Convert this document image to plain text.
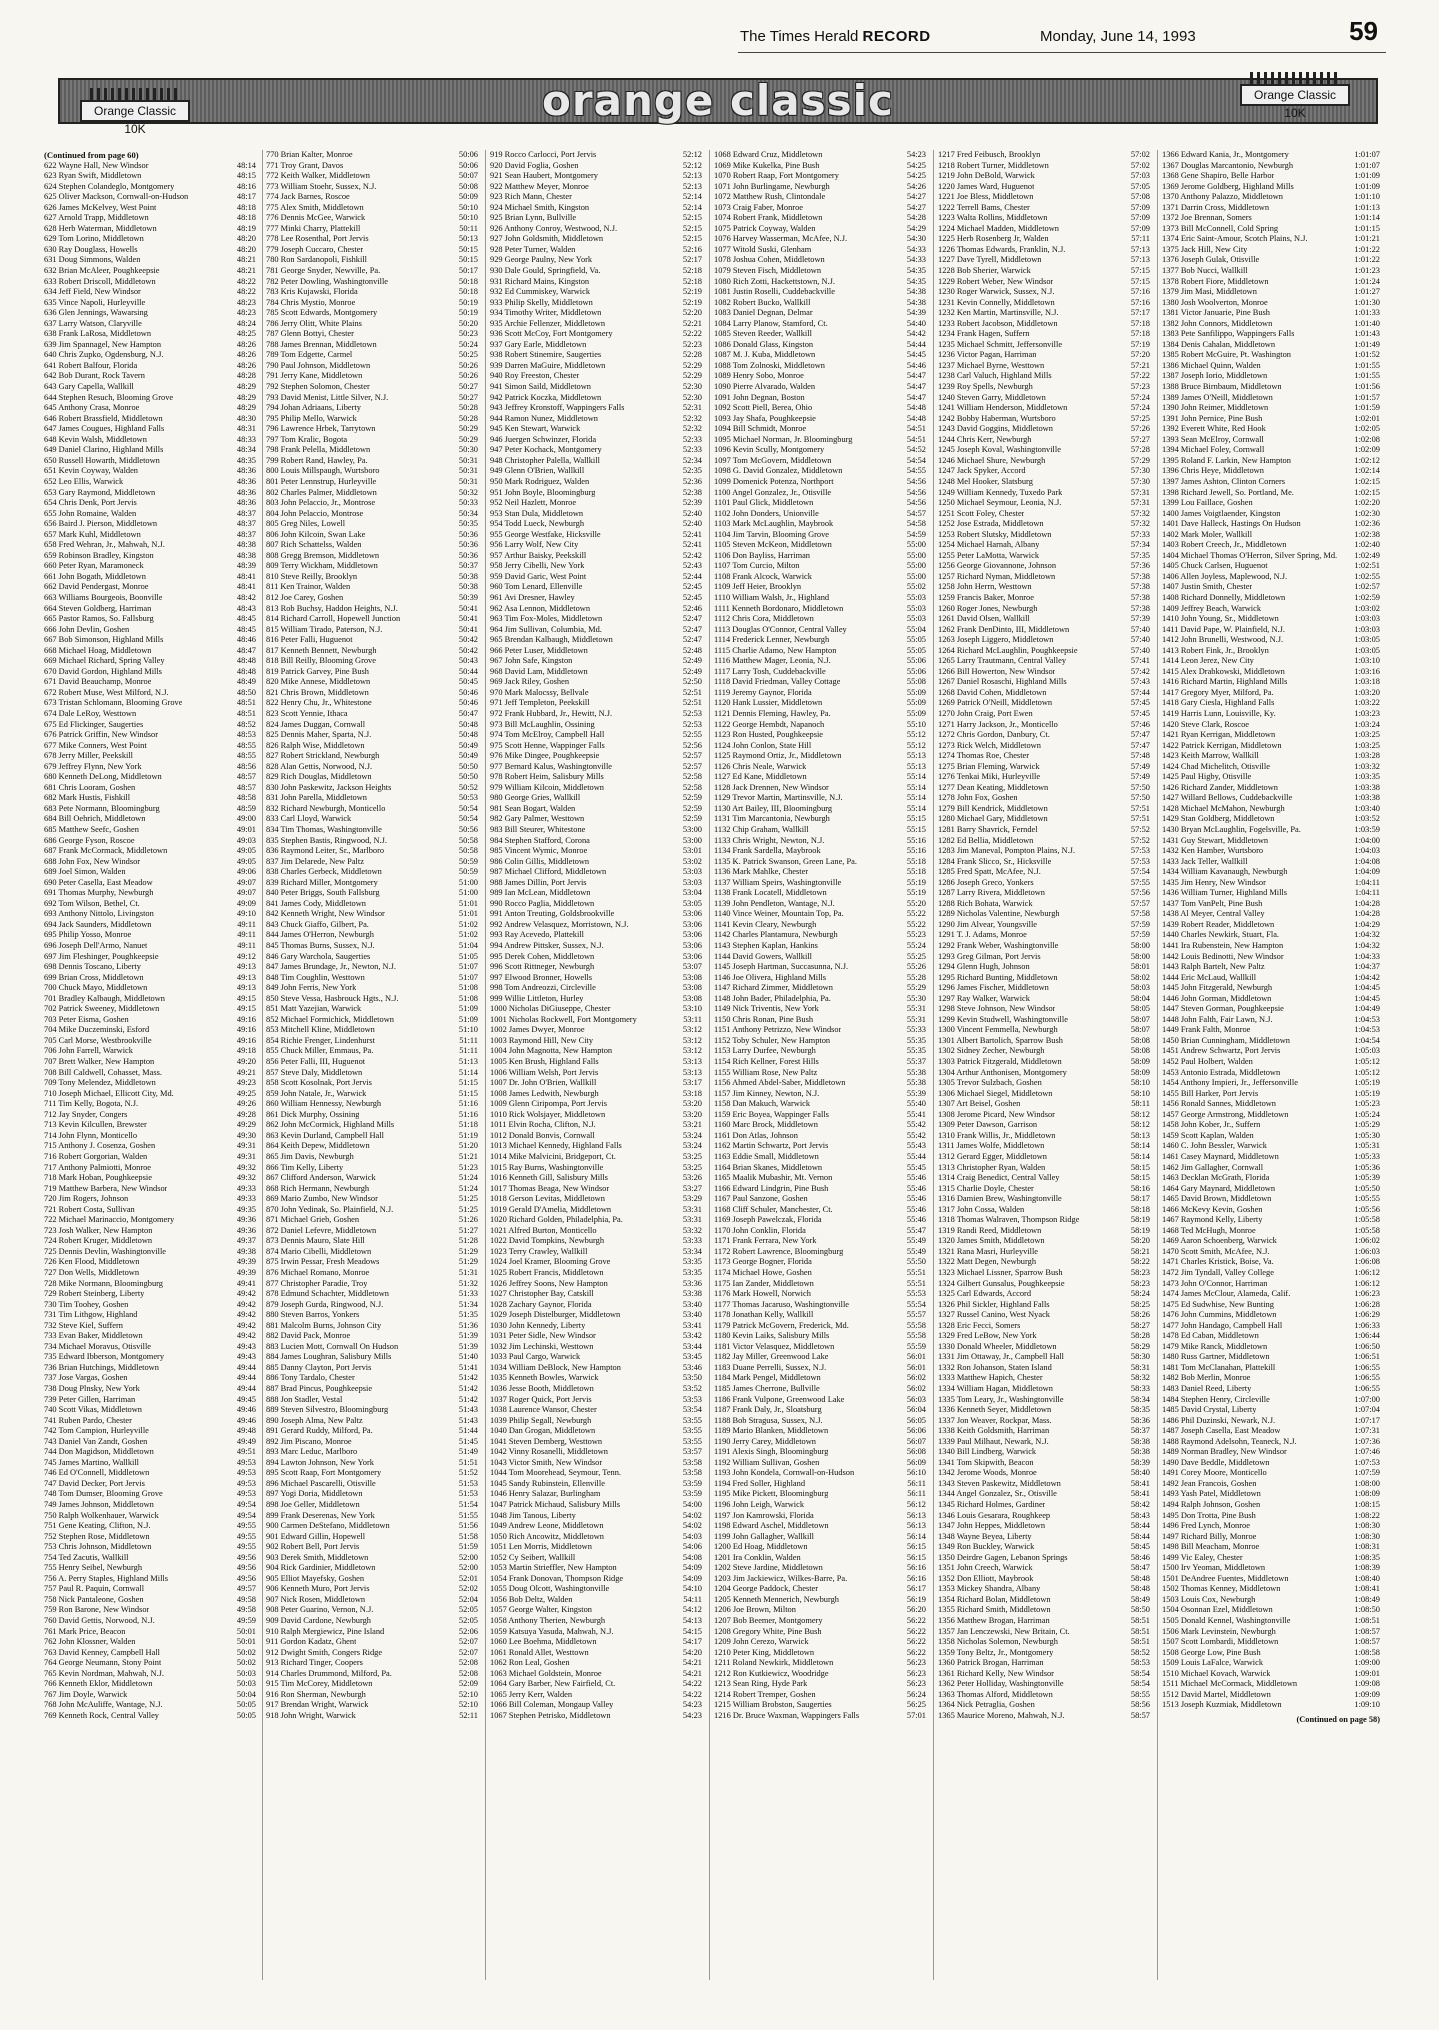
The Times Herald RECORD	Monday, June 14, 1993	59
Orange Classic 10K
orange classic	Orange Classic 10K
(Continued from page 60)
622 Wayne Hall, New Windsor	48:14
623 Ryan Swift, Middletown	48:15
624 Stephen Colandeglo, Montgomery	48:16
625 Oliver Mackson, Cornwall-on-Hudson	48:17
626 James McKelvey, West Point	48:18
627 Arnold Trapp, Middletown	48:18
628 Herb Waterman, Middletown	48:19
629 Tom Lorino, Middletown	48:20
630 Ray Douglass, Howells	48:20
631 Doug Simmons, Walden	48:21
632 Brian McAleer, Poughkeepsie	48:21
633 Robert Driscoll, Middletown	48:22
634 Jeff Field, New Windsor	48:22
635 Vince Napoli, Hurleyville	48:23
636 Glen Jennings, Wawarsing	48:23
637 Larry Watson, Claryville	48:24
638 Frank LaRosa, Middletown	48:25
639 Jim Spannagel, New Hampton	48:26
640 Chris Zupko, Ogdensburg, N.J.	48:26
641 Robert Balfour, Florida	48:26
642 Bob Durant, Rock Tavern	48:28
643 Gary Capella, Wallkill	48:29
644 Stephen Resuch, Blooming Grove	48:29
645 Anthony Crasa, Monroe	48:29
646 Robert Brassfield, Middletown	48:30
647 James Cougues, Highland Falls	48:31
648 Kevin Walsh, Middletown	48:33
649 Daniel Clarino, Highland Mills	48:34
650 Russell Howarth, Middletown	48:35
651 Kevin Coyway, Walden	48:36
652 Leo Ellis, Warwick	48:36
653 Gary Raymond, Middletown	48:36
654 Chris Denk, Port Jervis	48:36
655 John Romaine, Walden	48:37
656 Baird J. Pierson, Middletown	48:37
657 Mark Kuhl, Middletown	48:37
658 Fred Wehran, Jr., Mahwah, N.J.	48:38
659 Robinson Bradley, Kingston	48:38
660 Peter Ryan, Maramoneck	48:39
661 John Bogath, Middletown	48:41
662 David Pendergast, Monroe	48:41
663 Williams Bourgeois, Boonville	48:42
664 Steven Goldberg, Harriman	48:43
665 Pastor Ramos, So. Fallsburg	48:45
666 John Devlin, Goshen	48:45
667 Bob Simonson, Highland Mills	48:46
668 Michael Hoag, Middletown	48:47
669 Michael Richard, Spring Valley	48:48
670 David Gordon, Highland Mills	48:48
671 David Beauchamp, Monroe	48:49
672 Robert Muse, West Milford, N.J.	48:50
673 Tristan Schlomann, Blooming Grove	48:51
674 Dale LeRoy, Westtown	48:51
675 Ed Flickinger, Saugerties	48:52
676 Patrick Griffin, New Windsor	48:53
677 Mike Conners, West Point	48:55
678 Jerry Miller, Peekskill	48:55
679 Jeffrey Flynn, New York	48:56
680 Kenneth DeLong, Middletown	48:57
681 Chris Looram, Goshen	48:57
682 Mark Hustis, Fishkill	48:58
683 Pete Normann, Bloomingburg	48:59
684 Bill Oehrich, Middletown	49:00
685 Matthew Seefc, Goshen	49:01
686 George Fyson, Roscoe	49:03
687 Frank McCormack, Middletown	49:05
688 John Fox, New Windsor	49:05
689 Joel Simon, Walden	49:06
690 Peter Casella, East Meadow	49:07
691 Thomas Murphy, Newburgh	49:07
692 Tom Wilson, Bethel, Ct.	49:09
693 Anthony Nittolo, Livingston	49:10
694 Jack Saunders, Middletown	49:11
695 Philip Yosso, Monroe	49:11
696 Joseph Dell'Armo, Nanuet	49:11
697 Jim Fleshinger, Poughkeepsie	49:12
698 Dennis Toscano, Liberty	49:13
699 Brian Cross, Middletown	49:13
700 Chuck Mayo, Middletown	49:13
701 Bradley Kalbaugh, Middletown	49:15
702 Patrick Sweeney, Middletown	49:15
703 Peter Eisma, Goshen	49:16
704 Mike Duczeminski, Esford	49:16
705 Carl Morse, Westbrookville	49:16
706 John Farrell, Warwick	49:18
707 Brett Walker, New Hampton	49:20
708 Bill Caldwell, Cohasset, Mass.	49:21
709 Tony Melendez, Middletown	49:23
710 Joseph Michael, Ellicott City, Md.	49:25
711 Tim Kelly, Bogota, N.J.	49:26
712 Jay Snyder, Congers	49:28
713 Kevin Kilcullen, Brewster	49:29
714 John Flynn, Monticello	49:30
715 Anthony J. Cosenza, Goshen	49:31
716 Robert Gorgorian, Walden	49:31
717 Anthony Palmiotti, Monroe	49:32
718 Mark Hoban, Poughkeepsie	49:32
719 Matthew Barbera, New Windsor	49:33
720 Jim Rogers, Johnson	49:33
721 Robert Costa, Sullivan	49:35
722 Michael Marinaccio, Montgomery	49:36
723 Josh Walker, New Hampton	49:36
724 Robert Kruger, Middletown	49:37
725 Dennis Devlin, Washingtonville	49:38
726 Ken Flood, Middletown	49:39
727 Don Wells, Middletown	49:39
728 Mike Normann, Bloomingburg	49:41
729 Robert Steinberg, Liberty	49:42
730 Tim Toohey, Goshen	49:42
731 Tim Lithgow, Highland	49:42
732 Steve Kiel, Suffern	49:42
733 Evan Baker, Middletown	49:42
734 Michael Moravus, Otisville	49:43
735 Edward Ibberson, Montgomery	49:43
736 Brian Hutchings, Middletown	49:44
737 Jose Vargas, Goshen	49:44
738 Doug Plnsky, New York	49:44
739 Peter Gillen, Harriman	49:45
740 Scott Vikas, Middletown	49:46
741 Ruben Pardo, Chester	49:46
742 Tom Campion, Hurleyville	49:48
743 Daniel Van Zandt, Goshen	49:49
744 Don Magidson, Middletown	49:51
745 James Martino, Wallkill	49:53
746 Ed O'Connell, Middletown	49:53
747 David Decker, Port Jervis	49:53
748 Tom Dumser, Blooming Grove	49:53
749 James Johnson, Middletown	49:54
750 Ralph Wolkenhauer, Warwick	49:54
751 Gene Keating, Clifton, N.J.	49:55
752 Stephen Rose, Middletown	49:55
753 Chris Johnson, Middletown	49:55
754 Ted Zacutis, Wallkill	49:56
755 Henry Seibel, Newburgh	49:56
756 A. Perry Staples, Highland Mills	49:56
757 Paul R. Paquin, Cornwall	49:57
758 Nick Pantaleone, Goshen	49:58
759 Ron Barone, New Windsor	49:58
760 David Gettis, Norwood, N.J.	49:59
761 Mark Price, Beacon	50:01
762 John Klossner, Walden	50:01
763 David Kenney, Campbell Hall	50:02
764 George Neumann, Stony Point	50:02
765 Kevin Nordman, Mahwah, N.J.	50:03
766 Kenneth Eklor, Middletown	50:03
767 Jim Doyle, Warwick	50:04
768 John McAuliffe, Wantage, N.J.	50:05
769 Kenneth Rock, Central Valley	50:05
770 Brian Kalter, Monroe	50:06
771 Troy Grant, Davos	50:06
772 Keith Walker, Middletown	50:07
773 William Stoehr, Sussex, N.J.	50:08
774 Jack Barnes, Roscoe	50:09
775 Alex Smith, Middletown	50:10
776 Dennis McGee, Warwick	50:10
777 Minki Charry, Plattekill	50:11
778 Lee Rosenthal, Port Jervis	50:13
779 Joseph Cuccaro, Chester	50:15
780 Ron Sardanopoli, Fishkill	50:15
781 George Snyder, Newville, Pa.	50:17
782 Peter Dowling, Washingtonville	50:18
783 Kris Kujawski, Florida	50:18
784 Chris Mystio, Monroe	50:19
785 Scott Edwards, Montgomery	50:19
786 Jerry Olitt, White Plains	50:20
787 Glenn Bottyi, Chester	50:23
788 James Brennan, Middletown	50:24
789 Tom Edgette, Carmel	50:25
790 Paul Johnson, Middletown	50:26
791 Jerry Kane, Middletown	50:26
792 Stephen Solomon, Chester	50:27
793 David Menist, Little Silver, N.J.	50:27
794 Johan Adriaans, Liberty	50:28
795 Philip Mello, Warwick	50:28
796 Lawrence Hrbek, Tarrytown	50:29
797 Tom Kralic, Bogota	50:29
798 Frank Pelella, Middletown	50:30
799 Robert Rand, Hawley, Pa.	50:31
800 Louis Millspaugh, Wurtsboro	50:31
801 Peter Lennstrup, Hurleyville	50:31
802 Charles Palmer, Middletown	50:32
803 John Pelaccio, Jr., Montrose	50:33
804 John Pelaccio, Montrose	50:34
805 Greg Niles, Lowell	50:35
806 John Kilcoin, Swan Lake	50:36
807 Rich Schattelss, Walden	50:36
808 Gregg Bremson, Middletown	50:36
809 Terry Wickham, Middletown	50:37
810 Steve Reilly, Brooklyn	50:38
811 Ken Trainor, Walden	50:38
812 Joe Carey, Goshen	50:39
813 Rob Buchsy, Haddon Heights, N.J.	50:41
814 Richard Carroll, Hopewell Junction	50:41
815 William Tirado, Paterson, N.J.	50:41
816 Peter Falli, Huguenot	50:42
817 Kenneth Bennett, Newburgh	50:42
818 Bill Reilly, Blooming Grove	50:43
819 Patrick Garvey, Pine Bush	50:44
820 Mike Annese, Middletown	50:45
821 Chris Brown, Middletown	50:46
822 Henry Chu, Jr., Whitestone	50:46
823 Scott Yennie, Ithaca	50:47
824 James Duggan, Cornwall	50:48
825 Dennis Maher, Sparta, N.J.	50:48
826 Ralph Wise, Middletown	50:49
827 Robert Strickland, Newburgh	50:49
828 Alan Gettis, Norwood, N.J.	50:50
829 Rich Douglas, Middletown	50:50
830 John Paskewitz, Jackson Heights	50:52
831 John Parella, Middletown	50:53
832 Richard Newburgh, Monticello	50:54
833 Carl Lloyd, Warwick	50:54
834 Tim Thomas, Washingtonville	50:56
835 Stephen Bastis, Ringwood, N.J.	50:58
836 Raymond Leiter, Sr., Marlboro	50:58
837 Jim Delarede, New Paltz	50:59
838 Charles Gerbeck, Middletown	50:59
839 Richard Miller, Montgomery	51:00
840 Peter Briggs, South Fallsburg	51:00
841 James Cody, Middletown	51:01
842 Kenneth Wright, New Windsor	51:01
843 Chuck Giaffo, Gilbert, Pa.	51:02
844 James O'Herron, Newburgh	51:02
845 Thomas Burns, Sussex, N.J.	51:04
846 Gary Warchola, Saugerties	51:05
847 James Brundage, Jr., Newton, N.J.	51:07
848 Tim Coughlin, Westtown	51:07
849 John Ferris, New York	51:08
850 Steve Vessa, Hasbrouck Hgts., N.J.	51:08
851 Matt Yazejian, Warwick	51:09
852 Michael Formichick, Middletown	51:09
853 Mitchell Kline, Middletown	51:10
854 Richie Frenger, Lindenhurst	51:11
855 Chuck Miller, Emmaus, Pa.	51:11
856 Peter Falli, III, Huguenot	51:13
857 Steve Daly, Middletown	51:14
858 Scott Kosolnak, Port Jervis	51:15
859 John Natale, Jr., Warwick	51:15
860 William Hennessy, Newburgh	51:16
861 Dick Murphy, Ossining	51:16
862 John McCormick, Highland Mills	51:18
863 Kevin Durland, Campbell Hall	51:19
864 Keith Depew, Middletown	51:20
865 Jim Davis, Newburgh	51:21
866 Tim Kelly, Liberty	51:23
867 Clifford Anderson, Warwick	51:24
868 Rich Hermann, Newburgh	51:24
869 Mario Zumbo, New Windsor	51:25
870 John Yedinak, So. Plainfield, N.J.	51:25
871 Michael Grieb, Goshen	51:26
872 Daniel Lefevre, Middletown	51:27
873 Dennis Mauro, Slate Hill	51:28
874 Mario Cibelli, Middletown	51:29
875 Irwin Pessar, Fresh Meadows	51:29
876 Michael Romano, Monroe	51:31
877 Christopher Paradie, Troy	51:32
878 Edmund Schachter, Middletown	51:33
879 Joseph Gurda, Ringwood, N.J.	51:34
880 Steven Barros, Yonkers	51:35
881 Malcolm Burns, Johnson City	51:36
882 David Pack, Monroe	51:39
883 Lucien Mott, Cornwall On Hudson	51:39
884 James Loughran, Salisbury Mills	51:40
885 Danny Clayton, Port Jervis	51:41
886 Tony Tardalo, Chester	51:42
887 Brad Pincus, Poughkeepsie	51:42
888 Jon Stadler, Vestal	51:42
889 Steven Silvestro, Bloomingburg	51:43
890 Joseph Alma, New Paltz	51:43
891 Gerard Ruddy, Milford, Pa.	51:44
892 Jim Piscano, Monroe	51:45
893 Marc Leduc, Marlboro	51:49
894 Lawton Johnson, New York	51:51
895 Scott Raap, Fort Montgomery	51:52
896 Michael Pascarelli, Otisville	51:53
897 Yogi Doria, Middletown	51:53
898 Joe Geller, Middletown	51:54
899 Frank Deserenas, New York	51:55
900 Carmen DeStefano, Middletown	51:56
901 Edward Gillin, Hopewell	51:58
902 Robert Bell, Port Jervis	51:59
903 Derek Smith, Middletown	52:00
904 Rick Gardinier, Middletown	52:00
905 Elliot Mayefsky, Goshen	52:01
906 Kenneth Muro, Port Jervis	52:02
907 Nick Rosen, Middletown	52:04
908 Peter Guarino, Vernon, N.J.	52:05
909 David Cardone, Newburgh	52:05
910 Ralph Mergiewicz, Pine Island	52:06
911 Gordon Kadatz, Ghent	52:07
912 Dwight Smith, Congers Ridge	52:07
913 Richard Tinger, Coopers	52:08
914 Charles Drummond, Milford, Pa.	52:08
915 Tim McCorey, Middletown	52:09
916 Ron Sherman, Newburgh	52:10
917 Brendan Wright, Warwick	52:10
918 John Wright, Warwick	52:11
919 Rocco Carlocci, Port Jervis	52:12
920 David Foglia, Goshen	52:12
921 Sean Haubert, Montgomery	52:13
922 Matthew Meyer, Monroe	52:13
923 Rich Mann, Chester	52:14
924 Michael Smith, Kingston	52:14
925 Brian Lynn, Bullville	52:15
926 Anthony Conroy, Westwood, N.J.	52:15
927 John Goldsmith, Middletown	52:15
928 Peter Turner, Walden	52:16
929 George Paulny, New York	52:17
930 Dale Gould, Springfield, Va.	52:18
931 Richard Mains, Kingston	52:18
932 Ed Cummiskey, Warwick	52:19
933 Philip Skelly, Middletown	52:19
934 Timothy Writer, Middletown	52:20
935 Archie Fellenzer, Middletown	52:21
936 Scott McCoy, Fort Montgomery	52:22
937 Gary Earle, Middletown	52:23
938 Robert Stinemire, Saugerties	52:28
939 Darren MaGuire, Middletown	52:29
940 Roy Freeston, Chester	52:29
941 Simon Saild, Middletown	52:30
942 Patrick Koczka, Middletown	52:30
943 Jeffrey Kronstoff, Wappingers Falls	52:31
944 Ramon Nunez, Middletown	52:32
945 Ken Stewart, Warwick	52:32
946 Juergen Schwinzer, Florida	52:33
947 Peter Kochack, Montgomery	52:33
948 Christopher Palella, Wallkill	52:34
949 Glenn O'Brien, Wallkill	52:35
950 Mark Rodriguez, Walden	52:36
951 John Boyle, Bloomingburg	52:38
952 Neil Hazlett, Monroe	52:39
953 Stan Dula, Middletown	52:40
954 Todd Lueck, Newburgh	52:40
955 George Westfake, Hicksville	52:41
956 Larry Wolf, New City	52:41
957 Arthur Baisky, Peekskill	52:42
958 Jerry Cibelli, New York	52:43
959 David Garic, West Point	52:44
960 Tom Lenard, Ellenville	52:45
961 Avi Dresner, Hawley	52:45
962 Asa Lennon, Middletown	52:46
963 Tim Fox-Moles, Middletown	52:47
964 Jim Sullivan, Columbia, Md.	52:47
965 Brendan Kalbaugh, Middletown	52:47
966 Peter Luser, Middletown	52:48
967 John Safe, Kingston	52:49
968 David Lam, Middletown	52:49
969 Jack Riley, Goshen	52:50
970 Mark Malocssy, Bellvale	52:51
971 Jeff Templeton, Peekskill	52:51
972 Frank Hubbard, Jr., Hewitt, N.J.	52:53
973 Bill McLaughlin, Ossining	52:53
974 Tom McElroy, Campbell Hall	52:55
975 Scott Henne, Wappinger Falls	52:56
976 Mike Dingee, Poughkeepsie	52:57
977 Bernard Kalus, Washingtonville	52:57
978 Robert Heim, Salisbury Mills	52:58
979 William Kilcoin, Middletown	52:58
980 George Gries, Wallkill	52:59
981 Sean Bogart, Walden	52:59
982 Gary Palmer, Westtown	52:59
983 Bill Steurer, Whitestone	53:00
984 Stephen Stafford, Corona	53:00
985 Vincent Wymic, Monroe	53:01
986 Colin Gillis, Middletown	53:02
987 Michael Clifford, Middletown	53:03
988 James Dillin, Port Jervis	53:03
989 Ian McLean, Middletown	53:04
990 Rocco Paglia, Middletown	53:05
991 Anton Treuting, Goldsbrookville	53:06
992 Andrew Velasquez, Morristown, N.J.	53:06
993 Ray Acevedo, Plattekill	53:06
994 Andrew Pittsker, Sussex, N.J.	53:06
995 Derek Cohen, Middletown	53:06
996 Scott Rittneger, Newburgh	53:07
997 Elwood Bronner, Howells	53:08
998 Tom Andreozzi, Circleville	53:08
999 Willie Littleton, Hurley	53:08
1000 Nicholas DiGiuseppe, Chester	53:10
1001 Nicholas Rockwell, Fort Montgomery	53:11
1002 James Dwyer, Monroe	53:12
1003 Raymond Hill, New City	53:12
1004 John Magnotta, New Hampton	53:12
1005 Ken Brush, Highland Falls	53:13
1006 William Welsh, Port Jervis	53:13
1007 Dr. John O'Brien, Wallkill	53:17
1008 James Ledwith, Newburgh	53:18
1009 Glenn Ciripompa, Port Jervis	53:20
1010 Rick Wolsjayer, Middletown	53:20
1011 Elvin Rocha, Clifton, N.J.	53:21
1012 Donald Bonvis, Cornwall	53:24
1013 Michael Kennedy, Highland Falls	53:24
1014 Mike Malvicini, Bridgeport, Ct.	53:25
1015 Ray Burns, Washingtonville	53:25
1016 Kenneth Gill, Salisbury Mills	53:26
1017 Thomas Beaga, New Windsor	53:27
1018 Gerson Levitas, Middletown	53:29
1019 Gerald D'Amelia, Middletown	53:31
1020 Richard Golden, Philadelphia, Pa.	53:31
1021 Alfred Burton, Monticello	53:32
1022 David Tompkins, Newburgh	53:33
1023 Terry Crawley, Wallkill	53:34
1024 Joel Kramer, Blooming Grove	53:35
1025 Robert Francis, Middletown	53:35
1026 Jeffrey Soons, New Hampton	53:36
1027 Christopher Bay, Catskill	53:38
1028 Zachary Gaynor, Florida	53:40
1029 Joseph Distelburger, Middletown	53:40
1030 John Kennedy, Liberty	53:41
1031 Peter Sidle, New Windsor	53:42
1032 Jim Lechinski, Westtown	53:44
1033 Paul Cargo, Warwick	53:45
1034 William DeBlock, New Hampton	53:46
1035 Kenneth Bowles, Warwick	53:50
1036 Jesse Booth, Middletown	53:52
1037 Roger Quick, Port Jervis	53:53
1038 Laurence Wansor, Chester	53:54
1039 Philip Segall, Newburgh	53:55
1040 Dan Grogan, Middletown	53:55
1041 Steven Demberg, Westtown	53:55
1042 Vinny Rosanelli, Middletown	53:57
1043 Victor Smith, New Windsor	53:58
1044 Tom Moorehead, Seymour, Tenn.	53:58
1045 Sandy Rubinstein, Ellenville	53:59
1046 Henry Salazar, Burlingham	53:59
1047 Patrick Michaud, Salisbury Mills	54:00
1048 Jim Tanous, Liberty	54:02
1049 Andrew Leone, Middletown	54:02
1050 Rich Ancowitz, Middletown	54:03
1051 Len Morris, Middletown	54:06
1052 Cy Seibert, Wallkill	54:08
1053 Martin Strieffler, New Hampton	54:09
1054 Frank Donovan, Thompson Ridge	54:09
1055 Doug Olcott, Washingtonville	54:10
1056 Bob Deltz, Walden	54:11
1057 George Walter, Kingston	54:12
1058 Anthony Therien, Newburgh	54:13
1059 Katsuya Yasuda, Mahwah, N.J.	54:15
1060 Lee Boehma, Middletown	54:17
1061 Ronald Allet, Westtown	54:20
1062 Ron Leal, Goshen	54:21
1063 Michael Goldstein, Monroe	54:21
1064 Gary Barber, New Fairfield, Ct.	54:22
1065 Jerry Kerr, Walden	54:22
1066 Bill Coleman, Mongaup Valley	54:23
1067 Stephen Petrisko, Middletown	54:23
1068 Edward Cruz, Middletown	54:23
1069 Mike Kukelka, Pine Bush	54:25
1070 Robert Raap, Fort Montgomery	54:25
1071 John Burlingame, Newburgh	54:26
1072 Matthew Rush, Clintondale	54:27
1073 Craig Faber, Monroe	54:27
1074 Robert Frank, Middletown	54:28
1075 Patrick Coyway, Walden	54:29
1076 Harvey Wasserman, McAfee, N.J.	54:30
1077 Witold Suski, Glenham	54:33
1078 Joshua Cohen, Middletown	54:33
1079 Steven Fisch, Middletown	54:35
1080 Rich Zotti, Hackettstown, N.J.	54:35
1081 Justin Roselli, Cuddebackville	54:38
1082 Robert Bucko, Wallkill	54:38
1083 Daniel Degnan, Delmar	54:39
1084 Larry Planow, Stamford, Ct.	54:40
1085 Steven Reeder, Wallkill	54:42
1086 Donald Glass, Kingston	54:44
1087 M. J. Kuba, Middletown	54:45
1088 Tom Zolnoski, Middletown	54:46
1089 Henry Sobo, Monroe	54:47
1090 Pierre Alvarado, Walden	54:47
1091 John Degnan, Boston	54:47
1092 Scott Piell, Berea, Ohio	54:48
1093 Jay Shafa, Poughkeepsie	54:48
1094 Bill Schmidt, Monroe	54:51
1095 Michael Norman, Jr. Bloomingburg	54:51
1096 Kevin Scully, Montgomery	54:52
1097 Tom McGovern, Middletown	54:54
1098 G. David Gonzalez, Middletown	54:55
1099 Domenick Potenza, Northport	54:56
1100 Angel Gonzalez, Jr., Otisville	54:56
1101 Paul Glick, Middletown	54:56
1102 John Donders, Unionville	54:57
1103 Mark McLaughlin, Maybrook	54:58
1104 Jim Tarvin, Blooming Grove	54:59
1105 Steven McKeon, Middletown	55:00
1106 Don Bayliss, Harriman	55:00
1107 Tom Curcio, Milton	55:00
1108 Frank Alcock, Warwick	55:00
1109 Jeff Heier, Brooklyn	55:02
1110 William Walsh, Jr., Highland	55:03
1111 Kenneth Bordonaro, Middletown	55:03
1112 Chris Cora, Middletown	55:03
1113 Douglas O'Connor, Central Valley	55:04
1114 Frederick Lenner, Newburgh	55:05
1115 Charlie Adamo, New Hampton	55:05
1116 Matthew Mager, Leonia, N.J.	55:06
1117 Larry Tosh, Cuddebackville	55:06
1118 David Friedman, Valley Cottage	55:08
1119 Jeremy Gaynor, Florida	55:09
1120 Hank Lussier, Middletown	55:09
1121 Dennis Fleming, Hawley, Pa.	55:09
1122 George Hembdt, Napanoch	55:10
1123 Ron Husted, Poughkeepsie	55:12
1124 John Conlon, State Hill	55:12
1125 Raymond Ortiz, Jr., Middletown	55:13
1126 Chris Neale, Warwick	55:13
1127 Ed Kane, Middletown	55:14
1128 Jack Drennen, New Windsor	55:14
1129 Trevor Martin, Martinsville, N.J.	55:14
1130 Art Bailey, III, Bloomingburg	55:14
1131 Tim Marcantonia, Newburgh	55:15
1132 Chip Graham, Wallkill	55:15
1133 Chris Wright, Newton, N.J.	55:16
1134 Frank Sardella, Maybrook	55:16
1135 K. Patrick Swanson, Green Lane, Pa.	55:18
1136 Mark Mahlke, Chester	55:18
1137 William Speirs, Washingtonville	55:19
1138 Frank Locatell, Middletown	55:19
1139 John Pendleton, Wantage, N.J.	55:20
1140 Vince Weiner, Mountain Top, Pa.	55:22
1141 Kevin Cleary, Newburgh	55:22
1142 Charles Plantamura, Newburgh	55:23
1143 Stephen Kaplan, Hankins	55:24
1144 David Gowers, Wallkill	55:25
1145 Joseph Hartman, Succasunna, N.J.	55:26
1146 Joe Olivera, Highland Mills	55:28
1147 Richard Zimmer, Middletown	55:29
1148 John Bader, Philadelphia, Pa.	55:30
1149 Nick Triventis, New York	55:31
1150 Chris Ronan, Pine Bush	55:31
1151 Anthony Petrizzo, New Windsor	55:33
1152 Toby Schuler, New Hampton	55:35
1153 Larry Durfee, Newburgh	55:35
1154 Rich Kellner, Forest Hills	55:37
1155 William Rose, New Paltz	55:38
1156 Ahmed Abdel-Saber, Middletown	55:38
1157 Jim Kinney, Newton, N.J.	55:39
1158 Dan Makuch, Warwick	55:40
1159 Eric Boyea, Wappinger Falls	55:41
1160 Marc Brock, Middletown	55:42
1161 Don Atlas, Johnson	55:42
1162 Martin Schwartz, Port Jervis	55:43
1163 Eddie Small, Middletown	55:44
1164 Brian Skanes, Middletown	55:45
1165 Maalik Mubashir, Mt. Vernon	55:46
1166 Edward Lindgrin, Pine Bush	55:46
1167 Paul Sanzone, Goshen	55:46
1168 Cliff Schuler, Manchester, Ct.	55:46
1169 Joseph Pawelczak, Florida	55:46
1170 John Conklin, Florida	55:47
1171 Frank Ferrara, New York	55:49
1172 Robert Lawrence, Bloomingburg	55:49
1173 George Bogner, Florida	55:50
1174 Michael Howe, Goshen	55:51
1175 Ian Zander, Middletown	55:51
1176 Mark Howell, Norwich	55:53
1177 Thomas Jacaruso, Washingtonville	55:54
1178 Jonathan Kelly, Wallkill	55:57
1179 Patrick McGovern, Frederick, Md.	55:58
1180 Kevin Laiks, Salisbury Mills	55:58
1181 Victor Velasquez, Middletown	55:59
1182 Jay Miller, Greenwood Lake	56:01
1183 Duane Perrelli, Sussex, N.J.	56:01
1184 Mark Pengel, Middletown	56:02
1185 James Cherrone, Bullville	56:02
1186 Frank Vulpone, Greenwood Lake	56:03
1187 Frank Daly, Jr., Sloatsburg	56:04
1188 Bob Stragusa, Sussex, N.J.	56:05
1189 Mario Blanken, Middletown	56:06
1190 Jerry Carey, Middletown	56:07
1191 Alexis Singh, Bloomingburg	56:08
1192 William Sullivan, Goshen	56:09
1193 John Kondela, Cornwall-on-Hudson	56:10
1194 Fred Soller, Highland	56:11
1195 Mike Pickett, Bloomingburg	56:11
1196 John Leigh, Warwick	56:12
1197 Jon Kamrowski, Florida	56:13
1198 Edward Aschel, Middletown	56:13
1199 John Gallagher, Wallkill	56:14
1200 Ed Hoag, Middletown	56:15
1201 Ira Conklin, Walden	56:15
1202 Steve Jardine, Middletown	56:16
1203 Jim Jackiewicz, Wilkes-Barre, Pa.	56:16
1204 George Paddock, Chester	56:17
1205 Kenneth Mennerich, Newburgh	56:19
1206 Joe Brown, Milton	56:20
1207 Bob Beemer, Montgomery	56:22
1208 Gregory White, Pine Bush	56:22
1209 John Cerezo, Warwick	56:22
1210 Peter King, Middletown	56:22
1211 Roland Newkirk, Middletown	56:23
1212 Ron Kutkiewicz, Woodridge	56:23
1213 Sean Ring, Hyde Park	56:23
1214 Robert Tremper, Goshen	56:24
1215 William Brobston, Saugerties	56:25
1216 Dr. Bruce Waxman, Wappingers Falls	57:01
1217 Fred Feibusch, Brooklyn	57:02
1218 Robert Turner, Middletown	57:02
1219 John DeBold, Warwick	57:03
1220 James Ward, Huguenot	57:05
1221 Joe Bless, Middletown	57:08
1222 Terrell Bams, Chester	57:09
1223 Walta Rollins, Middletown	57:09
1224 Michael Madden, Middletown	57:09
1225 Herb Rosenberg Jr, Walden	57:11
1226 Thomas Edwards, Franklin, N.J.	57:13
1227 Dave Tyrell, Middletown	57:13
1228 Bob Sherier, Warwick	57:15
1229 Robert Weber, New Windsor	57:15
1230 Roger Warwick, Sussex, N.J.	57:16
1231 Kevin Connelly, Middletown	57:16
1232 Ken Martin, Martinsville, N.J.	57:17
1233 Robert Jacobson, Middletown	57:18
1234 Frank Hagen, Suffern	57:18
1235 Michael Schmitt, Jeffersonville	57:19
1236 Victor Pagan, Harriman	57:20
1237 Michael Byrne, Westtown	57:21
1238 Carl Valuch, Highland Mills	57:22
1239 Roy Spells, Newburgh	57:23
1240 Steven Garry, Middletown	57:24
1241 William Henderson, Middletown	57:24
1242 Bobby Haberman, Wurtsboro	57:25
1243 David Goggins, Middletown	57:26
1244 Chris Kerr, Newburgh	57:27
1245 Joseph Koval, Washingtonville	57:28
1246 Michael Shure, Newburgh	57:29
1247 Jack Spyker, Accord	57:30
1248 Mel Hooker, Slatsburg	57:30
1249 William Kennedy, Tuxedo Park	57:31
1250 Michael Seymour, Leonia, N.J.	57:31
1251 Scott Foley, Chester	57:32
1252 Jose Estrada, Middletown	57:32
1253 Robert Slutsky, Middletown	57:33
1254 Michael Harnah, Albany	57:34
1255 Peter LaMotta, Warwick	57:35
1256 George Giovannone, Johnson	57:36
1257 Richard Nyman, Middletown	57:38
1258 John Herrn, Westtown	57:38
1259 Francis Baker, Monroe	57:38
1260 Roger Jones, Newburgh	57:38
1261 David Olsen, Wallkill	57:39
1262 Frank DenDinto, III, Middletown	57:40
1263 Joseph Liggero, Middletown	57:40
1264 Richard McLaughlin, Poughkeepsie	57:40
1265 Larry Trautmann, Central Valley	57:41
1266 Bill Howerton, New Windsor	57:42
1267 Daniel Rosaschi, Highland Mills	57:43
1268 David Cohen, Middletown	57:44
1269 Patrick O'Neill, Middletown	57:45
1270 John Craig, Port Ewen	57:45
1271 Harry Jackson, Jr., Monticello	57:46
1272 Chris Gordon, Danbury, Ct.	57:47
1273 Rick Welch, Middletown	57:47
1274 Thomas Roe, Chester	57:48
1275 Brian Fleming, Warwick	57:49
1276 Tenkai Miki, Hurleyville	57:49
1277 Dean Keating, Middletown	57:50
1278 John Fox, Goshen	57:50
1279 Bill Kendrick, Middletown	57:51
1280 Michael Gary, Middletown	57:51
1281 Barry Shavrick, Ferndel	57:52
1282 Ed Bellia, Middletown	57:52
1283 Jim Maneval, Pompton Plains, N.J.	57:53
1284 Frank Slicco, Sr., Hicksville	57:53
1285 Fred Spatt, McAfee, N.J.	57:54
1286 Joseph Greco, Yonkers	57:55
1287 Larry Rivera, Middletown	57:56
1288 Rich Bohata, Warwick	57:57
1289 Nicholas Valentine, Newburgh	57:58
1290 Jim Alvear, Youngsville	57:59
1291 T. J. Adams, Monroe	57:59
1292 Frank Weber, Washingtonville	58:00
1293 Greg Gilman, Port Jervis	58:00
1294 Glenn Hugh, Johnson	58:01
1295 Richard Bunting, Middletown	58:02
1296 James Fischer, Middletown	58:03
1297 Ray Walker, Warwick	58:04
1298 Steve Johnson, New Windsor	58:05
1299 Kevin Studwell, Washingtonville	58:07
1300 Vincent Femmella, Newburgh	58:07
1301 Albert Bartolich, Sparrow Bush	58:08
1302 Sidney Zecher, Newburgh	58:08
1303 Patrick Fitzgerald, Middletown	58:09
1304 Arthur Anthonisen, Montgomery	58:09
1305 Trevor Sulzbach, Goshen	58:10
1306 Michael Siegel, Middletown	58:10
1307 Art Beisel, Goshen	58:11
1308 Jerome Picard, New Windsor	58:12
1309 Peter Dawson, Garrison	58:12
1310 Frank Willis, Jr., Middletown	58:13
1311 James Wolfe, Middletown	58:14
1312 Gerard Egger, Middletown	58:14
1313 Christopher Ryan, Walden	58:15
1314 Craig Benedict, Central Valley	58:15
1315 Charlie Doyle, Chester	58:16
1316 Damien Brew, Washingtonville	58:17
1317 John Cossa, Walden	58:18
1318 Thomas Walraven, Thompson Ridge	58:19
1319 Randi Reed, Middletown	58:19
1320 James Smith, Middletown	58:20
1321 Rana Masri, Hurleyville	58:21
1322 Matt Degen, Newburgh	58:22
1323 Michael Lissner, Sparrow Bush	58:23
1324 Gilbert Gunsalus, Poughkeepsie	58:23
1325 Carl Edwards, Accord	58:24
1326 Phil Sickler, Highland Falls	58:25
1327 Russel Canino, West Nyack	58:26
1328 Eric Fecci, Somers	58:27
1329 Fred LeBow, New York	58:28
1330 Donald Wheeler, Middletown	58:29
1331 Jim Ottaway, Jr., Campbell Hall	58:30
1332 Ron Johanson, Staten Island	58:31
1333 Matthew Hapich, Chester	58:32
1334 William Hagan, Middletown	58:33
1335 Tom Leary, Jr., Washingtonville	58:34
1336 Kenneth Seyer, Middletown	58:35
1337 Jon Weaver, Rockpar, Mass.	58:36
1338 Keith Goldsmith, Harriman	58:37
1339 Paul Milhaut, Newark, N.J.	58:38
1340 Bill Lindberg, Warwick	58:38
1341 Tom Skipwith, Beacon	58:39
1342 Jerome Woods, Monroe	58:40
1343 Steven Paskewitz, Middletown	58:41
1344 Angel Gonzalez, Sr., Otisville	58:41
1345 Richard Holmes, Gardiner	58:42
1346 Louis Gesarara, Roughkeep	58:43
1347 John Heppes, Middletown	58:44
1348 Wayne Beyea, Liberty	58:44
1349 Ron Buckley, Warwick	58:45
1350 Deirdre Gagen, Lebanon Springs	58:46
1351 John Creech, Warwick	58:47
1352 Don Elliott, Maybrook	58:48
1353 Mickey Shandra, Albany	58:48
1354 Richard Bolan, Middletown	58:49
1355 Richard Smith, Middletown	58:50
1356 Matthew Brogan, Harriman	58:51
1357 Jan Lenczewski, New Britain, Ct.	58:51
1358 Nicholas Solemon, Newburgh	58:51
1359 Tony Beltz, Jr., Montgomery	58:52
1360 Patrick Brogan, Harriman	58:53
1361 Richard Kelly, New Windsor	58:54
1362 Peter Holliday, Washingtonville	58:54
1363 Thomas Alford, Middletown	58:55
1364 Nick Petraglia, Goshen	58:56
1365 Maurice Moreno, Mahwah, N.J.	58:57
1366 Edward Kania, Jr., Montgomery	1:01:07
1367 Douglas Marcantonio, Newburgh	1:01:07
1368 Gene Shapiro, Belle Harbor	1:01:09
1369 Jerome Goldberg, Highland Mills	1:01:09
1370 Anthony Palazzo, Middletown	1:01:10
1371 Darrin Cross, Middletown	1:01:13
1372 Joe Brennan, Somers	1:01:14
1373 Bill McConnell, Cold Spring	1:01:15
1374 Eric Saint-Amour, Scotch Plains, N.J.	1:01:21
1375 Jack Hill, New City	1:01:22
1376 Joseph Gulak, Otisville	1:01:22
1377 Bob Nucci, Wallkill	1:01:23
1378 Robert Fiore, Middletown	1:01:24
1379 Jim Masi, Middletown	1:01:27
1380 Josh Woolverton, Monroe	1:01:30
1381 Victor Januarie, Pine Bush	1:01:33
1382 John Connors, Middletown	1:01:40
1383 Pete Sanfilippo, Wappingers Falls	1:01:43
1384 Denis Cahalan, Middletown	1:01:49
1385 Robert McGuire, Pt. Washington	1:01:52
1386 Michael Quinn, Walden	1:01:55
1387 Joseph Iorio, Middletown	1:01:55
1388 Bruce Birnbaum, Middletown	1:01:56
1389 James O'Neill, Middletown	1:01:57
1390 John Reimer, Middletown	1:01:59
1391 John Pernice, Pine Bush	1:02:01
1392 Everett White, Red Hook	1:02:05
1393 Sean McElroy, Cornwall	1:02:08
1394 Michael Foley, Cornwall	1:02:09
1395 Roland F. Larkin, New Hampton	1:02:12
1396 Chris Heye, Middletown	1:02:14
1397 James Ashton, Clinton Corners	1:02:15
1398 Richard Jewell, So. Portland, Me.	1:02:15
1399 Lou Faillace, Goshen	1:02:20
1400 James Voigtlaender, Kingston	1:02:30
1401 Dave Halleck, Hastings On Hudson	1:02:36
1402 Mark Moler, Wallkill	1:02:38
1403 Robert Creech, Jr., Middletown	1:02:40
1404 Michael Thomas O'Herron, Silver Spring, Md.	1:02:49
1405 Chuck Carlsen, Huguenot	1:02:51
1406 Allen Joyless, Maplewood, N.J.	1:02:55
1407 Justin Smith, Chester	1:02:57
1408 Richard Donnelly, Middletown	1:02:59
1409 Jeffrey Beach, Warwick	1:03:02
1410 John Young, Sr., Middletown	1:03:03
1411 David Pape, W. Plainfield, N.J.	1:03:03
1412 John Brunelli, Westwood, N.J.	1:03:05
1413 Robert Fink, Jr., Brooklyn	1:03:05
1414 Leon Jerez, New City	1:03:10
1415 Alex Drabkowski, Middletown	1:03:16
1416 Richard Martin, Highland Mills	1:03:18
1417 Gregory Myer, Milford, Pa.	1:03:20
1418 Gary Ciesla, Highland Falls	1:03:22
1419 Harris Lunn, Louisville, Ky.	1:03:23
1420 Steve Clark, Roscoe	1:03:24
1421 Ryan Kerrigan, Middletown	1:03:25
1422 Patrick Kerrigan, Middletown	1:03:25
1423 Keith Marrow, Wallkill	1:03:28
1424 Chad Michelitch, Otisville	1:03:32
1425 Paul Higby, Otisville	1:03:35
1426 Richard Zander, Middletown	1:03:38
1427 Willard Bellows, Cuddebackville	1:03:38
1428 Michael McMahon, Newburgh	1:03:40
1429 Stan Goldberg, Middletown	1:03:52
1430 Bryan McLaughlin, Fogelsville, Pa.	1:03:59
1431 Guy Stewart, Middletown	1:04:00
1432 Ken Hamber, Wurtsboro	1:04:03
1433 Jack Teller, Wallkill	1:04:08
1434 William Kavanaugh, Newburgh	1:04:09
1435 Jim Henry, New Windsor	1:04:11
1436 William Turner, Highland Mills	1:04:11
1437 Tom VanPelt, Pine Bush	1:04:28
1438 Al Meyer, Central Valley	1:04:28
1439 Robert Reader, Middletown	1:04:29
1440 Charles Newkirk, Stuart, Fla.	1:04:32
1441 Ira Rubenstein, New Hampton	1:04:32
1442 Louis Bedinotti, New Windsor	1:04:33
1443 Ralph Bartelt, New Paltz	1:04:37
1444 Eric McLaud, Wallkill	1:04:42
1445 John Fitzgerald, Newburgh	1:04:45
1446 John Gorman, Middletown	1:04:45
1447 Steven Gorman, Poughkeepsie	1:04:49
1448 John Falth, Fair Lawn, N.J.	1:04:53
1449 Frank Falth, Monroe	1:04:53
1450 Brian Cunningham, Middletown	1:04:54
1451 Andrew Schwartz, Port Jervis	1:05:03
1452 Paul Holbert, Walden	1:05:12
1453 Antonio Estrada, Middletown	1:05:12
1454 Anthony Impieri, Jr., Jeffersonville	1:05:19
1455 Bill Harker, Port Jervis	1:05:19
1456 Ronald Sannes, Middletown	1:05:23
1457 George Armstrong, Middletown	1:05:24
1458 John Kober, Jr., Suffern	1:05:29
1459 Scott Kaplan, Walden	1:05:30
1460 C. John Bessler, Warwick	1:05:31
1461 Casey Maynard, Middletown	1:05:33
1462 Jim Gallagher, Cornwall	1:05:36
1463 Decklan McGrath, Florida	1:05:39
1464 Gary Maynard, Middletown	1:05:50
1465 David Brown, Middletown	1:05:55
1466 McKevy Kevin, Goshen	1:05:56
1467 Raymond Kelly, Liberty	1:05:58
1468 Ted McHugh, Monroe	1:05:58
1469 Aaron Schoenberg, Warwick	1:06:02
1470 Scott Smith, McAfee, N.J.	1:06:03
1471 Charles Kristick, Boise, Va.	1:06:08
1472 Jim Tyndall, Valley College	1:06:12
1473 John O'Connor, Harriman	1:06:12
1474 James McClour, Alameda, Calif.	1:06:23
1475 Ed Sudwhise, New Bunting	1:06:28
1476 John Cummins, Middletown	1:06:29
1477 John Handago, Campbell Hall	1:06:33
1478 Ed Caban, Middletown	1:06:44
1479 Mike Ranck, Middletown	1:06:50
1480 Russ Gartner, Middletown	1:06:51
1481 Tom McClanahan, Plattekill	1:06:55
1482 Bob Merlin, Monroe	1:06:55
1483 Daniel Reed, Liberty	1:06:55
1484 Stephen Henry, Circleville	1:07:00
1485 David Crystal, Liberty	1:07:04
1486 Phil Duzinski, Newark, N.J.	1:07:17
1487 Joseph Casella, East Meadow	1:07:31
1488 Raymond Adelsohn, Teaneck, N.J.	1:07:36
1489 Norman Bradley, New Windsor	1:07:46
1490 Dave Beddle, Middletown	1:07:53
1491 Corey Moore, Monticello	1:07:59
1492 Jean Francois, Goshen	1:08:00
1493 Yash Patel, Middletown	1:08:09
1494 Ralph Johnson, Goshen	1:08:15
1495 Don Trotta, Pine Bush	1:08:22
1496 Fred Lynch, Monroe	1:08:30
1497 Richard Billy, Monroe	1:08:30
1498 Bill Meacham, Monroe	1:08:31
1499 Vic Ealey, Chester	1:08:35
1500 Irv Yeoman, Middletown	1:08:39
1501 DeAndree Fuentes, Middletown	1:08:40
1502 Thomas Kenney, Middletown	1:08:41
1503 Louis Cox, Newburgh	1:08:49
1504 Osonnan Ezel, Middletown	1:08:50
1505 Donald Kennel, Washingtonville	1:08:51
1506 Mark Levinstein, Newburgh	1:08:57
1507 Scott Lombardi, Middletown	1:08:57
1508 George Low, Pine Bush	1:08:58
1509 Louis LaFalce, Warwick	1:09:00
1510 Michael Kovach, Warwick	1:09:01
1511 Michael McCormack, Middletown	1:09:08
1512 David Martel, Middletown	1:09:09
1513 Joseph Kuzmiak, Middletown	1:09:10
(Continued on page 58)
